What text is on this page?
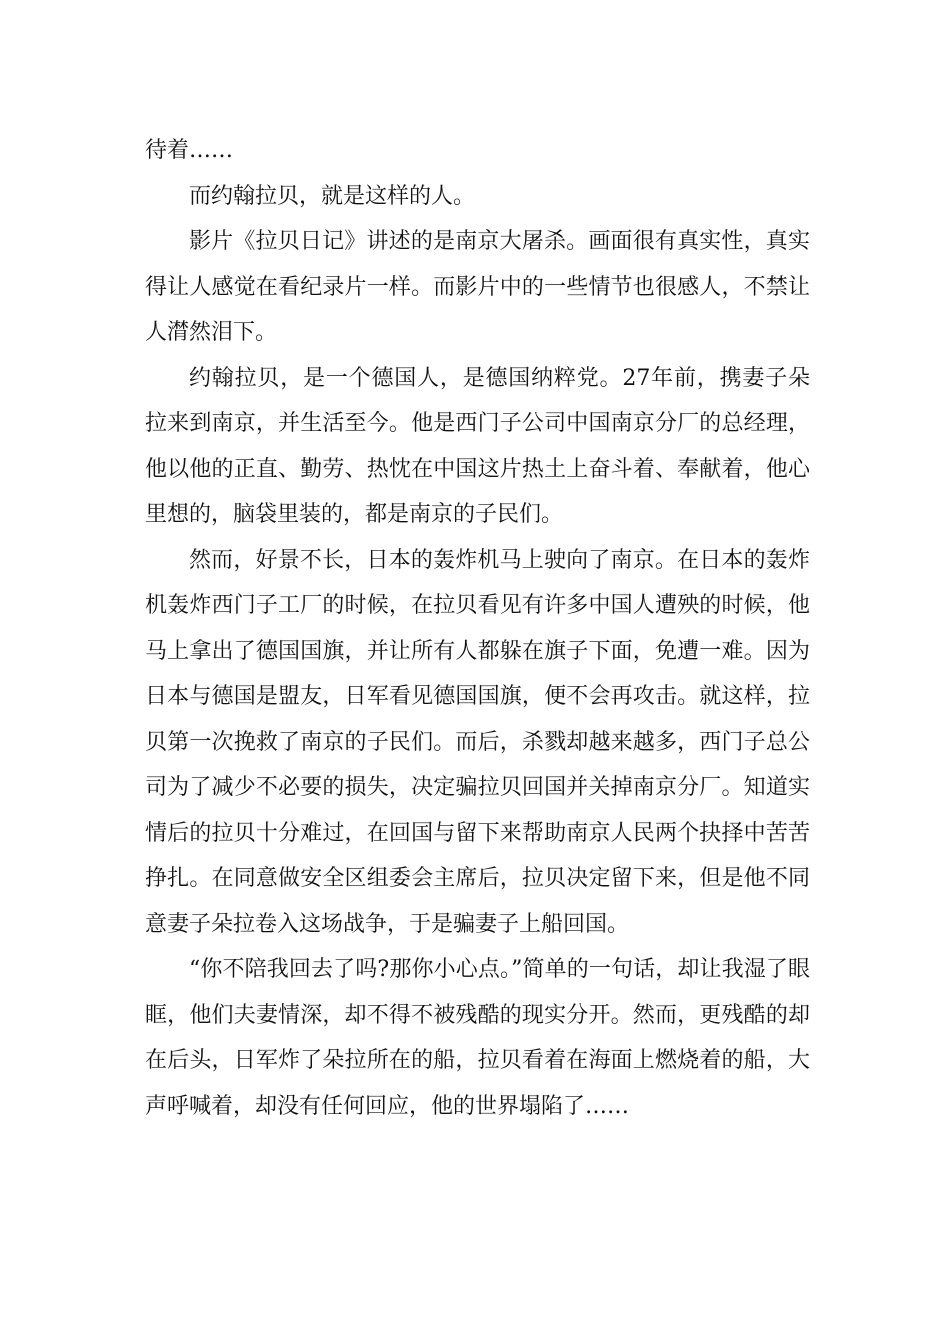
待着……

而约翰拉贝，就是这样的人。

影片《拉贝日记》讲述的是南京大屠杀。画面很有真实性，真实得让人感觉在看纪录片一样。而影片中的一些情节也很感人，不禁让人潸然泪下。

约翰拉贝，是一个德国人，是德国纳粹党。27年前，携妻子朵拉来到南京，并生活至今。他是西门子公司中国南京分厂的总经理，他以他的正直、勤劳、热忱在中国这片热土上奋斗着、奉献着，他心里想的，脑袋里装的，都是南京的子民们。

然而，好景不长，日本的轰炸机马上驶向了南京。在日本的轰炸机轰炸西门子工厂的时候，在拉贝看见有许多中国人遭殃的时候，他马上拿出了德国国旗，并让所有人都躲在旗子下面，免遭一难。因为日本与德国是盟友，日军看见德国国旗，便不会再攻击。就这样，拉贝第一次挽救了南京的子民们。而后，杀戮却越来越多，西门子总公司为了减少不必要的损失，决定骗拉贝回国并关掉南京分厂。知道实情后的拉贝十分难过，在回国与留下来帮助南京人民两个抉择中苦苦挣扎。在同意做安全区组委会主席后，拉贝决定留下来，但是他不同意妻子朵拉卷入这场战争，于是骗妻子上船回国。

“你不陪我回去了吗?那你小心点。”简单的一句话，却让我湿了眼眶，他们夫妻情深，却不得不被残酷的现实分开。然而，更残酷的却在后头，日军炸了朵拉所在的船，拉贝看着在海面上燃烧着的船，大声呼喊着，却没有任何回应，他的世界塌陷了……
